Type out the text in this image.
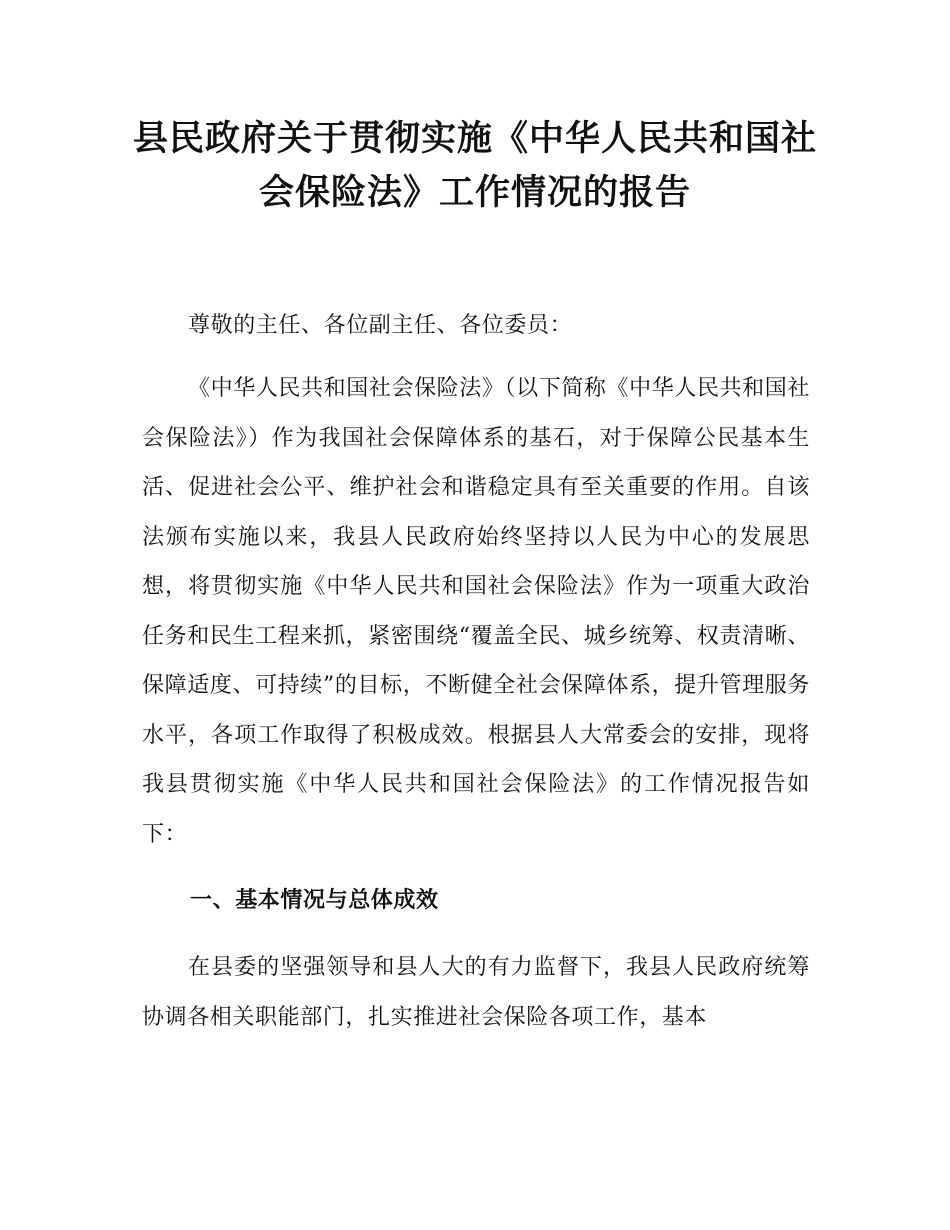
县民政府关于贯彻实施《中华人民共和国社
会保险法》工作情况的报告

尊敬的主任、各位副主任、各位委员：

《中华人民共和国社会保险法》（以下简称《中华人民共和国社会保险法》）作为我国社会保障体系的基石，对于保障公民基本生活、促进社会公平、维护社会和谐稳定具有至关重要的作用。自该法颁布实施以来，我县人民政府始终坚持以人民为中心的发展思想，将贯彻实施《中华人民共和国社会保险法》作为一项重大政治任务和民生工程来抓，紧密围绕“覆盖全民、城乡统筹、权责清晰、保障适度、可持续”的目标，不断健全社会保障体系，提升管理服务水平，各项工作取得了积极成效。根据县人大常委会的安排，现将我县贯彻实施《中华人民共和国社会保险法》的工作情况报告如下：

一、基本情况与总体成效

在县委的坚强领导和县人大的有力监督下，我县人民政府统筹协调各相关职能部门，扎实推进社会保险各项工作，基本
